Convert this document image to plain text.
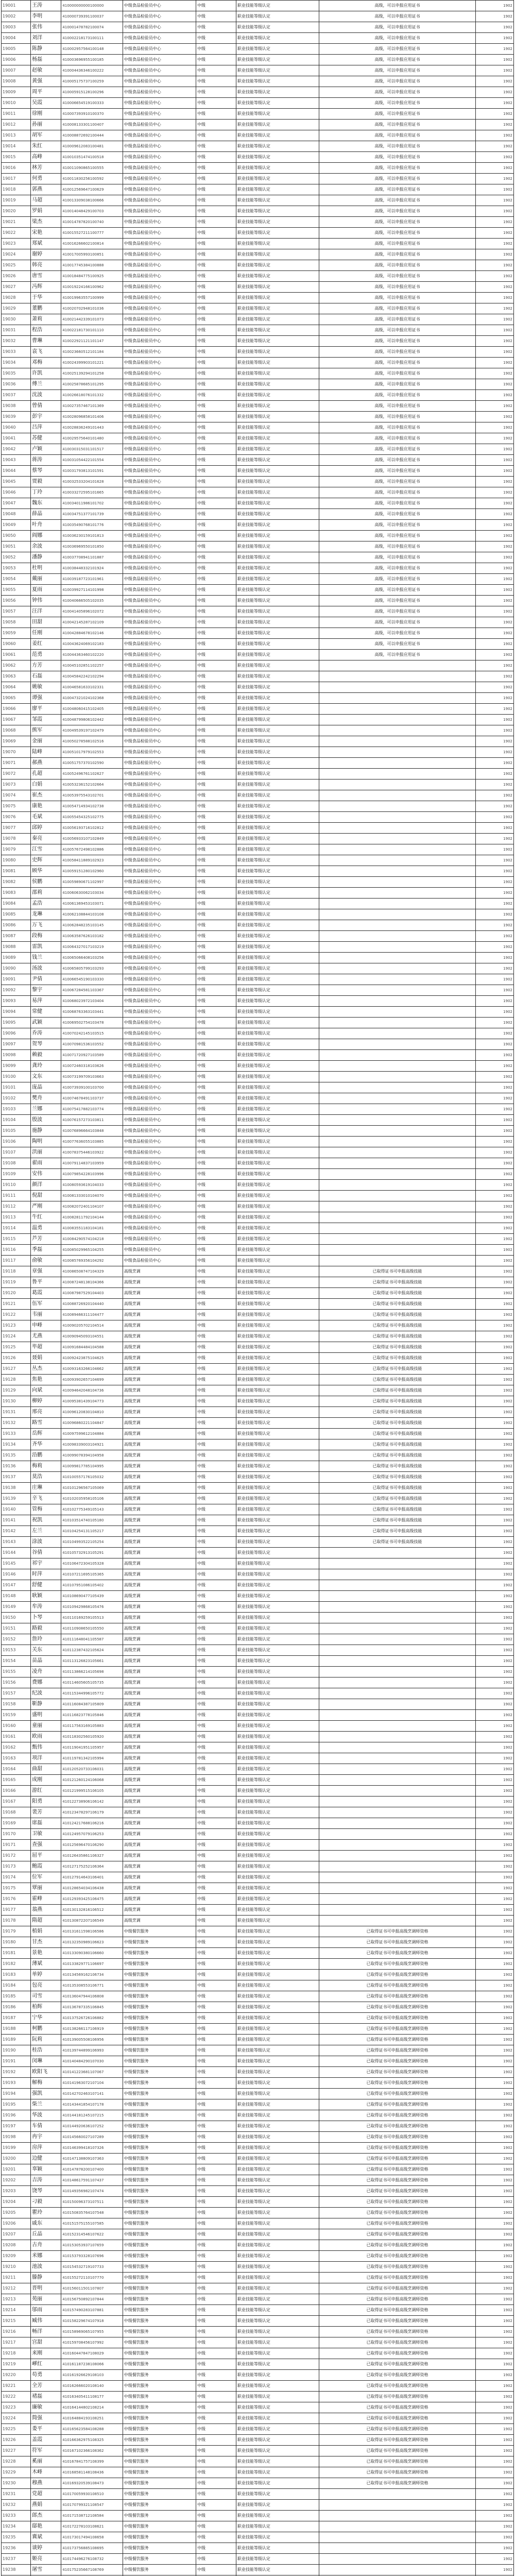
19001	王涛	410000000000100000	中级食品检验员中心	中级	职业技能等级认定	高级，可以申报应用证书	1902
19002	李明	410000739391100037	中级食品检验员中心	中级	职业技能等级认定	高级，可以申报应用证书	1902
19003	张伟	410001478782100074	中级食品检验员中心	中级	职业技能等级认定	高级，可以申报应用证书	1902
19004	刘洋	410002218173100111	中级食品检验员中心	中级	职业技能等级认定	高级，可以申报应用证书	1902
19005	陈静	410002957564100148	中级食品检验员中心	中级	职业技能等级认定	高级，可以申报应用证书	1902
19006	杨磊	410003696955100185	中级食品检验员中心	中级	职业技能等级认定	高级，可以申报应用证书	1902
19007	赵敏	410004436346100222	中级食品检验员中心	中级	职业技能等级认定	高级，可以申报应用证书	1902
19008	黄强	410005175737100259	中级食品检验员中心	中级	职业技能等级认定	高级，可以申报应用证书	1902
19009	周平	410005915128100296	中级食品检验员中心	中级	职业技能等级认定	高级，可以申报应用证书	1902
19010	吴霞	410006654519100333	中级食品检验员中心	中级	职业技能等级认定	高级，可以申报应用证书	1902
19011	徐刚	410007393910100370	中级食品检验员中心	中级	职业技能等级认定	高级，可以申报应用证书	1902
19012	孙丽	410008133301100407	中级食品检验员中心	中级	职业技能等级认定	高级，可以申报应用证书	1902
19013	胡军	410008872692100444	中级食品检验员中心	中级	职业技能等级认定	高级，可以申报应用证书	1902
19014	朱红	410009612083100481	中级食品检验员中心	中级	职业技能等级认定	高级，可以申报应用证书	1902
19015	高峰	410010351474100518	中级食品检验员中心	中级	职业技能等级认定	高级，可以申报应用证书	1902
19016	林芳	410011090865100555	中级食品检验员中心	中级	职业技能等级认定	高级，可以申报应用证书	1902
19017	何勇	410011830256100592	中级食品检验员中心	中级	职业技能等级认定	高级，可以申报应用证书	1902
19018	郭燕	410012569647100629	中级食品检验员中心	中级	职业技能等级认定	高级，可以申报应用证书	1902
19019	马超	410013309038100666	中级食品检验员中心	中级	职业技能等级认定	高级，可以申报应用证书	1902
19020	罗娟	410014048429100703	中级食品检验员中心	中级	职业技能等级认定	高级，可以申报应用证书	1902
19021	梁杰	410014787820100740	中级食品检验员中心	中级	职业技能等级认定	高级，可以申报应用证书	1902
19022	宋艳	410015527211100777	中级食品检验员中心	中级	职业技能等级认定	高级，可以申报应用证书	1902
19023	郑斌	410016266602100814	中级食品检验员中心	中级	职业技能等级认定	高级，可以申报应用证书	1902
19024	谢婷	410017005993100851	中级食品检验员中心	中级	职业技能等级认定	高级，可以申报应用证书	1902
19025	韩亮	410017745384100888	中级食品检验员中心	中级	职业技能等级认定	高级，可以申报应用证书	1902
19026	唐雪	410018484775100925	中级食品检验员中心	中级	职业技能等级认定	高级，可以申报应用证书	1902
19027	冯辉	410019224166100962	中级食品检验员中心	中级	职业技能等级认定	高级，可以申报应用证书	1902
19028	于华	410019963557100999	中级食品检验员中心	中级	职业技能等级认定	高级，可以申报应用证书	1902
19029	董鹏	410020702948101036	中级食品检验员中心	中级	职业技能等级认定	高级，可以申报应用证书	1902
19030	萧莉	410021442339101073	中级食品检验员中心	中级	职业技能等级认定	高级，可以申报应用证书	1902
19031	程浩	410022181730101110	中级食品检验员中心	中级	职业技能等级认定	高级，可以申报应用证书	1902
19032	曹琳	410022921121101147	中级食品检验员中心	中级	职业技能等级认定	高级，可以申报应用证书	1902
19033	袁飞	410023660512101184	中级食品检验员中心	中级	职业技能等级认定	高级，可以申报应用证书	1902
19034	邓梅	410024399903101221	中级食品检验员中心	中级	职业技能等级认定	高级，可以申报应用证书	1902
19035	许凯	410025139294101258	中级食品检验员中心	中级	职业技能等级认定	高级，可以申报应用证书	1902
19036	傅兰	410025878685101295	中级食品检验员中心	中级	职业技能等级认定	高级，可以申报应用证书	1902
19037	沈波	410026618076101332	中级食品检验员中心	中级	职业技能等级认定	高级，可以申报应用证书	1902
19038	曾倩	410027357467101369	中级食品检验员中心	中级	职业技能等级认定	高级，可以申报应用证书	1902
19039	彭宇	410028096858101406	中级食品检验员中心	中级	职业技能等级认定	高级，可以申报应用证书	1902
19040	吕萍	410028836249101443	中级食品检验员中心	中级	职业技能等级认定	高级，可以申报应用证书	1902
19041	苏健	410029575640101480	中级食品检验员中心	中级	职业技能等级认定	高级，可以申报应用证书	1902
19042	卢颖	410030315031101517	中级食品检验员中心	中级	职业技能等级认定	高级，可以申报应用证书	1902
19043	蒋涛	410031054422101554	中级食品检验员中心	中级	职业技能等级认定	高级，可以申报应用证书	1902
19044	蔡琴	410031793813101591	中级食品检验员中心	中级	职业技能等级认定	高级，可以申报应用证书	1902
19045	贾毅	410032533204101628	中级食品检验员中心	中级	职业技能等级认定	高级，可以申报应用证书	1902
19046	丁玲	410033272595101665	中级食品检验员中心	中级	职业技能等级认定	高级，可以申报应用证书	1902
19047	魏东	410034011986101702	中级食品检验员中心	中级	职业技能等级认定	高级，可以申报应用证书	1902
19048	薛晶	410034751377101739	中级食品检验员中心	中级	职业技能等级认定	高级，可以申报应用证书	1902
19049	叶舟	410035490768101776	中级食品检验员中心	中级	职业技能等级认定	高级，可以申报应用证书	1902
19050	阎娜	410036230159101813	中级食品检验员中心	中级	职业技能等级认定	高级，可以申报应用证书	1902
19051	余波	410036969550101850	中级食品检验员中心	中级	职业技能等级认定	高级，可以申报应用证书	1902
19052	潘静	410037708941101887	中级食品检验员中心	中级	职业技能等级认定	高级，可以申报应用证书	1902
19053	杜明	410038448332101924	中级食品检验员中心	中级	职业技能等级认定	高级，可以申报应用证书	1902
19054	戴丽	410039187723101961	中级食品检验员中心	中级	职业技能等级认定	高级，可以申报应用证书	1902
19055	夏雨	410039927114101998	中级食品检验员中心	中级	职业技能等级认定	高级，可以申报应用证书	1902
19056	钟伟	410040666505102035	中级食品检验员中心	中级	职业技能等级认定	高级，可以申报应用证书	1902
19057	汪洋	410041405896102072	中级食品检验员中心	中级	职业技能等级认定	高级，可以申报应用证书	1902
19058	田甜	410042145287102109	中级食品检验员中心	中级	职业技能等级认定	高级，可以申报应用证书	1902
19059	任刚	410042884678102146	中级食品检验员中心	中级	职业技能等级认定	高级，可以申报应用证书	1902
19060	姜红	410043624069102183	中级食品检验员中心	中级	职业技能等级认定	高级，可以申报应用证书	1902
19061	范勇	410044363460102220	中级食品检验员中心	中级	职业技能等级认定	高级，可以申报应用证书	1902
19062	方芳	410045102851102257	中级食品检验员中心	中级	职业技能等级认定		1902
19063	石磊	410045842242102294	中级食品检验员中心	中级	职业技能等级认定		1902
19064	姚敏	410046581633102331	中级食品检验员中心	中级	职业技能等级认定		1902
19065	谭强	410047321024102368	中级食品检验员中心	中级	职业技能等级认定		1902
19066	廖平	410048060415102405	中级食品检验员中心	中级	职业技能等级认定		1902
19067	邹霞	410048799806102442	中级食品检验员中心	中级	职业技能等级认定		1902
19068	熊军	410049539197102479	中级食品检验员中心	中级	职业技能等级认定		1902
19069	金丽	410050278588102516	中级食品检验员中心	中级	职业技能等级认定		1902
19070	陆峰	410051017979102553	中级食品检验员中心	中级	职业技能等级认定		1902
19071	郝燕	410051757370102590	中级食品检验员中心	中级	职业技能等级认定		1902
19072	孔超	410052496761102627	中级食品检验员中心	中级	职业技能等级认定		1902
19073	白娟	410053236152102664	中级食品检验员中心	中级	职业技能等级认定		1902
19074	崔杰	410053975543102701	中级食品检验员中心	中级	职业技能等级认定		1902
19075	康艳	410054714934102738	中级食品检验员中心	中级	职业技能等级认定		1902
19076	毛斌	410055454325102775	中级食品检验员中心	中级	职业技能等级认定		1902
19077	邱婷	410056193716102812	中级食品检验员中心	中级	职业技能等级认定		1902
19078	秦亮	410056933107102849	中级食品检验员中心	中级	职业技能等级认定		1902
19079	江雪	410057672498102886	中级食品检验员中心	中级	职业技能等级认定		1902
19080	史辉	410058411889102923	中级食品检验员中心	中级	职业技能等级认定		1902
19081	顾华	410059151280102960	中级食品检验员中心	中级	职业技能等级认定		1902
19082	侯鹏	410059890671102997	中级食品检验员中心	中级	职业技能等级认定		1902
19083	邵莉	410060630062103034	中级食品检验员中心	中级	职业技能等级认定		1902
19084	孟浩	410061369453103071	中级食品检验员中心	中级	职业技能等级认定		1902
19085	龙琳	410062108844103108	中级食品检验员中心	中级	职业技能等级认定		1902
19086	万飞	410062848235103145	中级食品检验员中心	中级	职业技能等级认定		1902
19087	段梅	410063587626103182	中级食品检验员中心	中级	职业技能等级认定		1902
19088	雷凯	410064327017103219	中级食品检验员中心	中级	职业技能等级认定		1902
19089	钱兰	410065066408103256	中级食品检验员中心	中级	职业技能等级认定		1902
19090	汤波	410065805799103293	中级食品检验员中心	中级	职业技能等级认定		1902
19091	尹倩	410066545190103330	中级食品检验员中心	中级	职业技能等级认定		1902
19092	黎宇	410067284581103367	中级食品检验员中心	中级	职业技能等级认定		1902
19093	易萍	410068023972103404	中级食品检验员中心	中级	职业技能等级认定		1902
19094	常健	410068763363103441	中级食品检验员中心	中级	职业技能等级认定		1902
19095	武颖	410069502754103478	中级食品检验员中心	中级	职业技能等级认定		1902
19096	乔涛	410070242145103515	中级食品检验员中心	中级	职业技能等级认定		1902
19097	贺琴	410070981536103552	中级食品检验员中心	中级	职业技能等级认定		1902
19098	赖毅	410071720927103589	中级食品检验员中心	中级	职业技能等级认定		1902
19099	龚玲	410072460318103626	中级食品检验员中心	中级	职业技能等级认定		1902
19100	文东	410073199709103663	中级食品检验员中心	中级	职业技能等级认定		1902
19101	庞晶	410073939100103700	中级食品检验员中心	中级	职业技能等级认定		1902
19102	樊舟	410074678491103737	中级食品检验员中心	中级	职业技能等级认定		1902
19103	兰娜	410075417882103774	中级食品检验员中心	中级	职业技能等级认定		1902
19104	殷波	410076157273103811	中级食品检验员中心	中级	职业技能等级认定		1902
19105	施静	410076896664103848	中级食品检验员中心	中级	职业技能等级认定		1902
19106	陶明	410077636055103885	中级食品检验员中心	中级	职业技能等级认定		1902
19107	洪丽	410078375446103922	中级食品检验员中心	中级	职业技能等级认定		1902
19108	翟雨	410079114837103959	中级食品检验员中心	中级	职业技能等级认定		1902
19109	安伟	410079854228103996	中级食品检验员中心	中级	职业技能等级认定		1902
19110	颜洋	410080593619104033	中级食品检验员中心	中级	职业技能等级认定		1902
19111	倪甜	410081333010104070	中级食品检验员中心	中级	职业技能等级认定		1902
19112	严刚	410082072401104107	中级食品检验员中心	中级	职业技能等级认定		1902
19113	牛红	410082811792104144	中级食品检验员中心	中级	职业技能等级认定		1902
19114	温勇	410083551183104181	中级食品检验员中心	中级	职业技能等级认定		1902
19115	芦芳	410084290574104218	中级食品检验员中心	中级	职业技能等级认定		1902
19116	季磊	410085029965104255	中级食品检验员中心	中级	职业技能等级认定		1902
19117	俞敏	410085769356104292	中级食品检验员中心	中级	职业技能等级认定		1902
19118	章强	410086508747104329	高级烹调	中级	职业技能等级认定	已取得证书可申报高级技能	1902
19119	鲁平	410087248138104366	高级烹调	中级	职业技能等级认定	已取得证书可申报高级技能	1902
19120	葛霞	410087987529104403	高级烹调	中级	职业技能等级认定	已取得证书可申报高级技能	1902
19121	伍军	410088726920104440	高级烹调	中级	职业技能等级认定	已取得证书可申报高级技能	1902
19122	韦丽	410089466311104477	高级烹调	中级	职业技能等级认定	已取得证书可申报高级技能	1902
19123	申峰	410090205702104514	高级烹调	中级	职业技能等级认定	已取得证书可申报高级技能	1902
19124	尤燕	410090945093104551	高级烹调	中级	职业技能等级认定	已取得证书可申报高级技能	1902
19125	毕超	410091684484104588	高级烹调	中级	职业技能等级认定	已取得证书可申报高级技能	1902
19126	聂娟	410092423875104625	高级烹调	中级	职业技能等级认定	已取得证书可申报高级技能	1902
19127	丛杰	410093163266104662	高级烹调	中级	职业技能等级认定	已取得证书可申报高级技能	1902
19128	焦艳	410093902657104699	高级烹调	中级	职业技能等级认定	已取得证书可申报高级技能	1902
19129	向斌	410094642048104736	高级烹调	中级	职业技能等级认定	已取得证书可申报高级技能	1902
19130	柳婷	410095381439104773	高级烹调	中级	职业技能等级认定	已取得证书可申报高级技能	1902
19131	邢亮	410096120830104810	高级烹调	中级	职业技能等级认定	已取得证书可申报高级技能	1902
19132	路雪	410096860221104847	高级烹调	中级	职业技能等级认定	已取得证书可申报高级技能	1902
19133	岳辉	410097599612104884	高级烹调	中级	职业技能等级认定	已取得证书可申报高级技能	1902
19134	齐华	410098339003104921	高级烹调	中级	职业技能等级认定	已取得证书可申报高级技能	1902
19135	沿鹏	410099078394104958	高级烹调	中级	职业技能等级认定	已取得证书可申报高级技能	1902
19136	梅莉	410099817785104995	高级烹调	中级	职业技能等级认定	已取得证书可申报高级技能	1902
19137	莫浩	410100557176105032	高级烹调	中级	职业技能等级认定	已取得证书可申报高级技能	1902
19138	庄琳	410101296567105069	高级烹调	中级	职业技能等级认定	已取得证书可申报高级技能	1902
19139	辛飞	410102035958105106	高级烹调	中级	职业技能等级认定	已取得证书可申报高级技能	1902
19140	管梅	410102775349105143	高级烹调	中级	职业技能等级认定	已取得证书可申报高级技能	1902
19141	祝凯	410103514740105180	高级烹调	中级	职业技能等级认定	已取得证书可申报高级技能	1902
19142	左兰	410104254131105217	高级烹调	中级	职业技能等级认定	已取得证书可申报高级技能	1902
19143	涂波	410104993522105254	高级烹调	中级	职业技能等级认定	已取得证书可申报高级技能	1902
19144	谷倩	410105732913105291	高级烹调	中级	职业技能等级认定		1902
19145	祁宇	410106472304105328	高级烹调	中级	职业技能等级认定		1902
19146	时萍	410107211695105365	高级烹调	中级	职业技能等级认定		1902
19147	舒健	410107951086105402	高级烹调	中级	职业技能等级认定		1902
19148	耿颖	410108690477105439	高级烹调	中级	职业技能等级认定		1902
19149	牟涛	410109429868105476	高级烹调	中级	职业技能等级认定		1902
19150	卜琴	410110169259105513	高级烹调	中级	职业技能等级认定		1902
19151	路毅	410110908650105550	高级烹调	中级	职业技能等级认定		1902
19152	詹玲	410111648041105587	高级烹调	中级	职业技能等级认定		1902
19153	关东	410112387432105624	高级烹调	中级	职业技能等级认定		1902
19154	苗晶	410113126823105661	高级烹调	中级	职业技能等级认定		1902
19155	凌舟	410113866214105698	高级烹调	中级	职业技能等级认定		1902
19156	费娜	410114605605105735	高级烹调	中级	职业技能等级认定		1902
19157	纪波	410115344996105772	高级烹调	中级	职业技能等级认定		1902
19158	靳静	410116084387105809	高级烹调	中级	职业技能等级认定		1902
19159	盛明	410116823778105846	高级烹调	中级	职业技能等级认定		1902
19160	童丽	410117563169105883	高级烹调	中级	职业技能等级认定		1902
19161	欧雨	410118302560105920	高级烹调	中级	职业技能等级认定		1902
19162	甄伟	410119041951105957	高级烹调	中级	职业技能等级认定		1902
19163	项洋	410119781342105994	高级烹调	中级	职业技能等级认定		1902
19164	曲甜	410120520733106031	高级烹调	中级	职业技能等级认定		1902
19165	成刚	410121260124106068	高级烹调	中级	职业技能等级认定		1902
19166	游红	410121999515106105	高级烹调	中级	职业技能等级认定		1902
19167	阳勇	410122738906106142	高级烹调	中级	职业技能等级认定		1902
19168	裴芳	410123478297106179	高级烹调	中级	职业技能等级认定		1902
19169	席磊	410124217688106216	高级烹调	中级	职业技能等级认定		1902
19170	卫敏	410124957079106253	高级烹调	中级	职业技能等级认定		1902
19171	查强	410125696470106290	高级烹调	中级	职业技能等级认定		1902
19172	屈平	410126435861106327	高级烹调	中级	职业技能等级认定		1902
19173	鲍霞	410127175252106364	高级烹调	中级	职业技能等级认定		1902
19174	位军	410127914643106401	高级烹调	中级	职业技能等级认定		1902
19175	覃丽	410128654034106438	高级烹调	中级	职业技能等级认定		1902
19176	霍峰	410129393425106475	高级烹调	中级	职业技能等级认定		1902
19177	翁燕	410130132816106512	高级烹调	中级	职业技能等级认定		1902
19178	隋超	410130872207106549	高级烹调	中级	职业技能等级认定		1902
19179	植娟	410131611598106586	中级餐饮服务	中级	职业技能等级认定	已取得证书可申报高级烹调师资格	1902
19180	甘杰	410132350989106623	中级餐饮服务	中级	职业技能等级认定	已取得证书可申报高级烹调师资格	1902
19181	景艳	410133090380106660	中级餐饮服务	中级	职业技能等级认定	已取得证书可申报高级烹调师资格	1902
19182	薄斌	410133829771106697	中级餐饮服务	中级	职业技能等级认定	已取得证书可申报高级烹调师资格	1902
19183	单婷	410134569162106734	中级餐饮服务	中级	职业技能等级认定	已取得证书可申报高级烹调师资格	1902
19184	包亮	410135308553106771	中级餐饮服务	中级	职业技能等级认定	已取得证书可申报高级烹调师资格	1902
19185	司雪	410136047944106808	中级餐饮服务	中级	职业技能等级认定	已取得证书可申报高级烹调师资格	1902
19186	柏辉	410136787335106845	中级餐饮服务	中级	职业技能等级认定	已取得证书可申报高级烹调师资格	1902
19187	宁华	410137526726106882	中级餐饮服务	中级	职业技能等级认定	已取得证书可申报高级烹调师资格	1902
19188	柯鹏	410138266117106919	中级餐饮服务	中级	职业技能等级认定	已取得证书可申报高级烹调师资格	1902
19189	阮莉	410139005508106956	中级餐饮服务	中级	职业技能等级认定	已取得证书可申报高级烹调师资格	1902
19190	桂浩	410139744899106993	中级餐饮服务	中级	职业技能等级认定	已取得证书可申报高级烹调师资格	1902
19191	闵琳	410140484290107030	中级餐饮服务	中级	职业技能等级认定	已取得证书可申报高级烹调师资格	1902
19192	欧阳飞	410141223681107067	中级餐饮服务	中级	职业技能等级认定	已取得证书可申报高级烹调师资格	1902
19193	解梅	410141963072107104	中级餐饮服务	中级	职业技能等级认定	已取得证书可申报高级烹调师资格	1902
19194	强凯	410142702463107141	中级餐饮服务	中级	职业技能等级认定	已取得证书可申报高级烹调师资格	1902
19195	柴兰	410143441854107178	中级餐饮服务	中级	职业技能等级认定	已取得证书可申报高级烹调师资格	1902
19196	华波	410144181245107215	中级餐饮服务	中级	职业技能等级认定	已取得证书可申报高级烹调师资格	1902
19197	车倩	410144920636107252	中级餐饮服务	中级	职业技能等级认定	已取得证书可申报高级烹调师资格	1902
19198	冉宇	410145660027107289	中级餐饮服务	中级	职业技能等级认定	已取得证书可申报高级烹调师资格	1902
19199	房萍	410146399418107326	中级餐饮服务	中级	职业技能等级认定	已取得证书可申报高级烹调师资格	1902
19200	边健	410147138809107363	中级餐饮服务	中级	职业技能等级认定	已取得证书可申报高级烹调师资格	1902
19201	辜颖	410147878200107400	中级餐饮服务	中级	职业技能等级认定	已取得证书可申报高级烹调师资格	1902
19202	吉涛	410148617591107437	中级餐饮服务	中级	职业技能等级认定	已取得证书可申报高级烹调师资格	1902
19203	饶琴	410149356982107474	中级餐饮服务	中级	职业技能等级认定	已取得证书可申报高级烹调师资格	1902
19204	刁毅	410150096373107511	中级餐饮服务	中级	职业技能等级认定	已取得证书可申报高级烹调师资格	1902
19205	瞿玲	410150835764107548	中级餐饮服务	中级	职业技能等级认定	已取得证书可申报高级烹调师资格	1902
19206	戚东	410151575155107585	中级餐饮服务	中级	职业技能等级认定	已取得证书可申报高级烹调师资格	1902
19207	丘晶	410152314546107622	中级餐饮服务	中级	职业技能等级认定	已取得证书可申报高级烹调师资格	1902
19208	古舟	410153053937107659	中级餐饮服务	中级	职业技能等级认定	已取得证书可申报高级烹调师资格	1902
19209	米娜	410153793328107696	中级餐饮服务	中级	职业技能等级认定	已取得证书可申报高级烹调师资格	1902
19210	池波	410154532719107733	中级餐饮服务	中级	职业技能等级认定	已取得证书可申报高级烹调师资格	1902
19211	滕静	410155272110107770	中级餐饮服务	中级	职业技能等级认定	已取得证书可申报高级烹调师资格	1902
19212	晋明	410156011501107807	中级餐饮服务	中级	职业技能等级认定	已取得证书可申报高级烹调师资格	1902
19213	苑丽	410156750892107844	中级餐饮服务	中级	职业技能等级认定	已取得证书可申报高级烹调师资格	1902
19214	邬雨	410157490283107881	中级餐饮服务	中级	职业技能等级认定	已取得证书可申报高级烹调师资格	1902
19215	臧伟	410158229674107918	中级餐饮服务	中级	职业技能等级认定	已取得证书可申报高级烹调师资格	1902
19216	畅洋	410158969065107955	中级餐饮服务	中级	职业技能等级认定	已取得证书可申报高级烹调师资格	1902
19217	宫甜	410159708456107992	中级餐饮服务	中级	职业技能等级认定	已取得证书可申报高级烹调师资格	1902
19218	来刚	410160447847108029	中级餐饮服务	中级	职业技能等级认定	已取得证书可申报高级烹调师资格	1902
19219	嵺红	410161187238108066	中级餐饮服务	中级	职业技能等级认定	已取得证书可申报高级烹调师资格	1902
19220	苟勇	410161926629108103	中级餐饮服务	中级	职业技能等级认定	已取得证书可申报高级烹调师资格	1902
19221	全芳	410162666020108140	中级餐饮服务	中级	职业技能等级认定	已取得证书可申报高级烹调师资格	1902
19222	褚磊	410163405411108177	中级餐饮服务	中级	职业技能等级认定	已取得证书可申报高级烹调师资格	1902
19223	廉敏	410164144802108214	中级餐饮服务	中级	职业技能等级认定	已取得证书可申报高级烹调师资格	1902
19224	简强	410164884193108251	中级餐饮服务	中级	职业技能等级认定	已取得证书可申报高级烹调师资格	1902
19225	娄平	410165623584108288	中级餐饮服务	中级	职业技能等级认定	已取得证书可申报高级烹调师资格	1902
19226	盖霞	410166362975108325	中级餐饮服务	中级	职业技能等级认定	已取得证书可申报高级烹调师资格	1902
19227	符军	410167102366108362	中级餐饮服务	中级	职业技能等级认定	已取得证书可申报高级烹调师资格	1902
19228	奚丽	410167841757108399	中级餐饮服务	中级	职业技能等级认定	已取得证书可申报高级烹调师资格	1902
19229	木峰	410168581148108436	中级餐饮服务	中级	职业技能等级认定	已取得证书可申报高级烹调师资格	1902
19230	穆燕	410169320539108473	中级餐饮服务	中级	职业技能等级认定	已取得证书可申报高级烹调师资格	1902
19231	党超	410170059930108510	中级餐饮服务	中级	职业技能等级认定		1902
19232	燕娟	410170799321108547	中级餐饮服务	中级	职业技能等级认定		1902
19233	郎杰	410171538712108584	中级餐饮服务	中级	职业技能等级认定		1902
19234	邸艳	410172278103108621	中级餐饮服务	中级	职业技能等级认定		1902
19235	冀斌	410173017494108658	中级餐饮服务	中级	职业技能等级认定		1902
19236	谈婷	410173756885108695	中级餐饮服务	中级	职业技能等级认定		1902
19237	姬亮	410174496276108732	中级餐饮服务	中级	职业技能等级认定		1902
19238	屠雪	410175235667108769	中级餐饮服务	中级	职业技能等级认定		1902
